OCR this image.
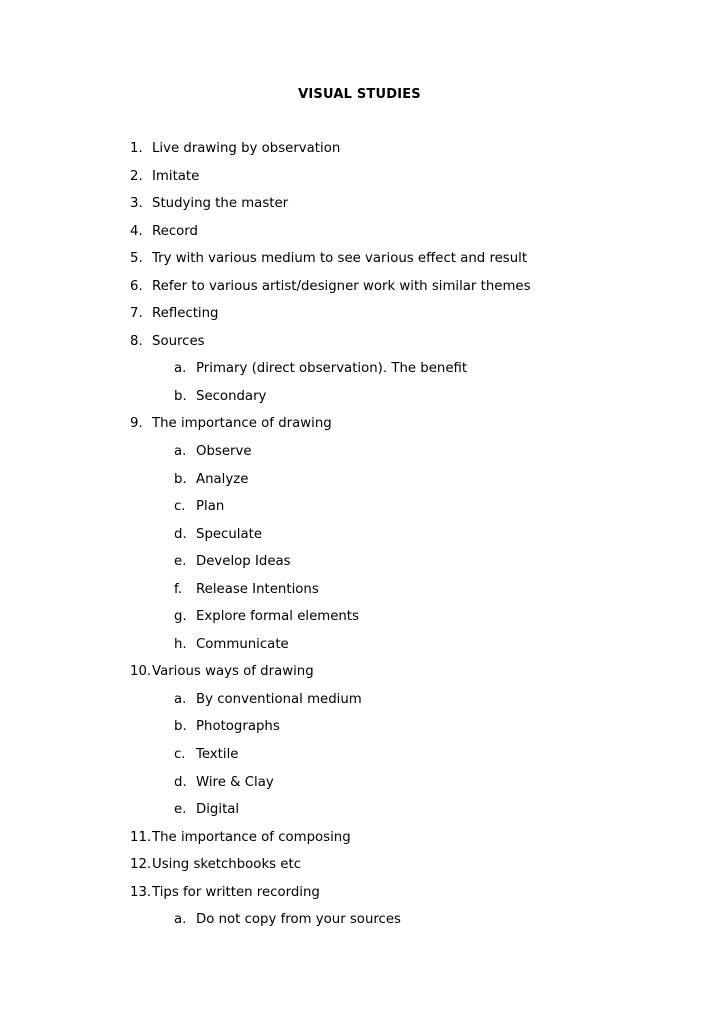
VISUAL STUDIES
1. Live drawing by observation
2. Imitate
3. Studying the master
4. Record
5. Try with various medium to see various effect and result
6. Refer to various artist/designer work with similar themes
7. Reflecting
8. Sources
a. Primary (direct observation). The benefit
b. Secondary
9. The importance of drawing
a. Observe
b. Analyze
c. Plan
d. Speculate
e. Develop Ideas
f. Release Intentions
g. Explore formal elements
h. Communicate
10. Various ways of drawing
a. By conventional medium
b. Photographs
c. Textile
d. Wire & Clay
e. Digital
11. The importance of composing
12. Using sketchbooks etc
13. Tips for written recording
a. Do not copy from your sources
